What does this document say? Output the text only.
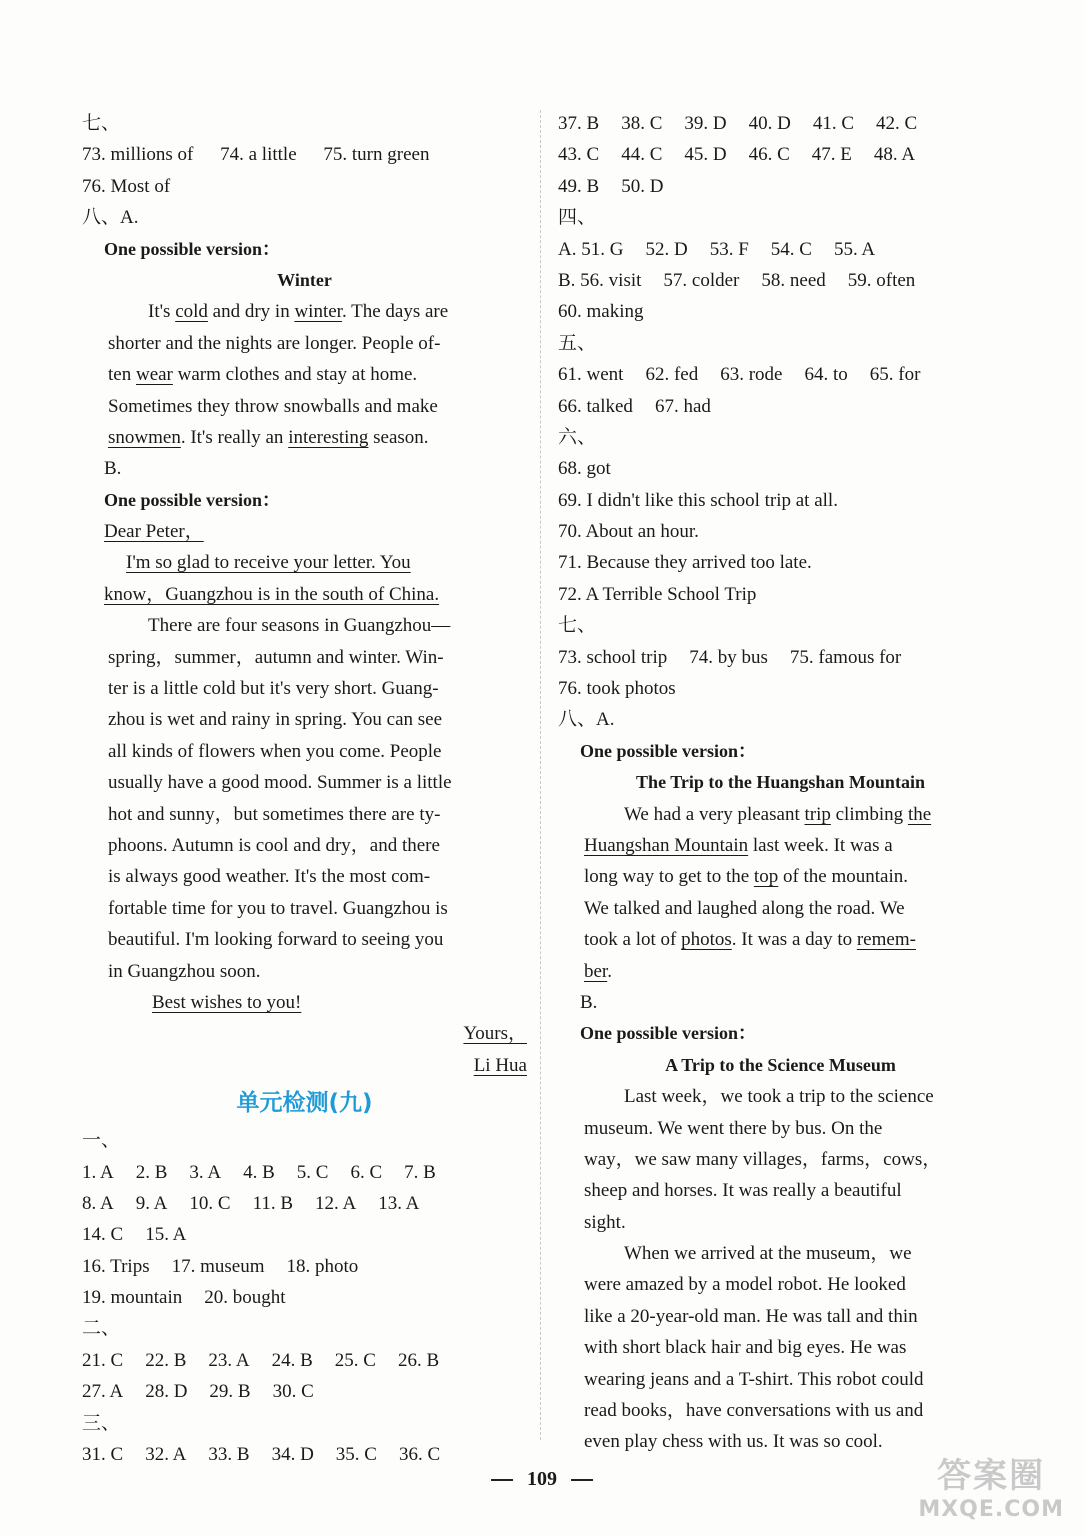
七、
73. millions of 74. a little 75. turn green
76. Most of
八、A.
One possible version：
Winter
It's cold and dry in winter. The days are
shorter and the nights are longer. People of-
ten wear warm clothes and stay at home.
Sometimes they throw snowballs and make
snowmen. It's really an interesting season.
B.
One possible version：
Dear Peter，
I'm so glad to receive your letter. You
know，Guangzhou is in the south of China.
There are four seasons in Guangzhou—
spring，summer，autumn and winter. Win-
ter is a little cold but it's very short. Guang-
zhou is wet and rainy in spring. You can see
all kinds of flowers when you come. People
usually have a good mood. Summer is a little
hot and sunny，but sometimes there are ty-
phoons. Autumn is cool and dry，and there
is always good weather. It's the most com-
fortable time for you to travel. Guangzhou is
beautiful. I'm looking forward to seeing you
in Guangzhou soon.
Best wishes to you!
Yours，
Li Hua
单元检测(九)
一、
1. A 2. B 3. A 4. B 5. C 6. C 7. B
8. A 9. A 10. C 11. B 12. A 13. A
14. C 15. A
16. Trips 17. museum 18. photo
19. mountain 20. bought
二、
21. C 22. B 23. A 24. B 25. C 26. B
27. A 28. D 29. B 30. C
三、
31. C 32. A 33. B 34. D 35. C 36. C
37. B 38. C 39. D 40. D 41. C 42. C
43. C 44. C 45. D 46. C 47. E 48. A
49. B 50. D
四、
A. 51. G 52. D 53. F 54. C 55. A
B. 56. visit 57. colder 58. need 59. often
60. making
五、
61. went 62. fed 63. rode 64. to 65. for
66. talked 67. had
六、
68. got
69. I didn't like this school trip at all.
70. About an hour.
71. Because they arrived too late.
72. A Terrible School Trip
七、
73. school trip 74. by bus 75. famous for
76. took photos
八、A.
One possible version：
The Trip to the Huangshan Mountain
We had a very pleasant trip climbing the
Huangshan Mountain last week. It was a
long way to get to the top of the mountain.
We talked and laughed along the road. We
took a lot of photos. It was a day to remem-
ber.
B.
One possible version：
A Trip to the Science Museum
Last week，we took a trip to the science
museum. We went there by bus. On the
way，we saw many villages，farms，cows，
sheep and horses. It was really a beautiful
sight.
When we arrived at the museum，we
were amazed by a model robot. He looked
like a 20-year-old man. He was tall and thin
with short black hair and big eyes. He was
wearing jeans and a T-shirt. This robot could
read books，have conversations with us and
even play chess with us. It was so cool.
109	答案圈
MXQE.COM
